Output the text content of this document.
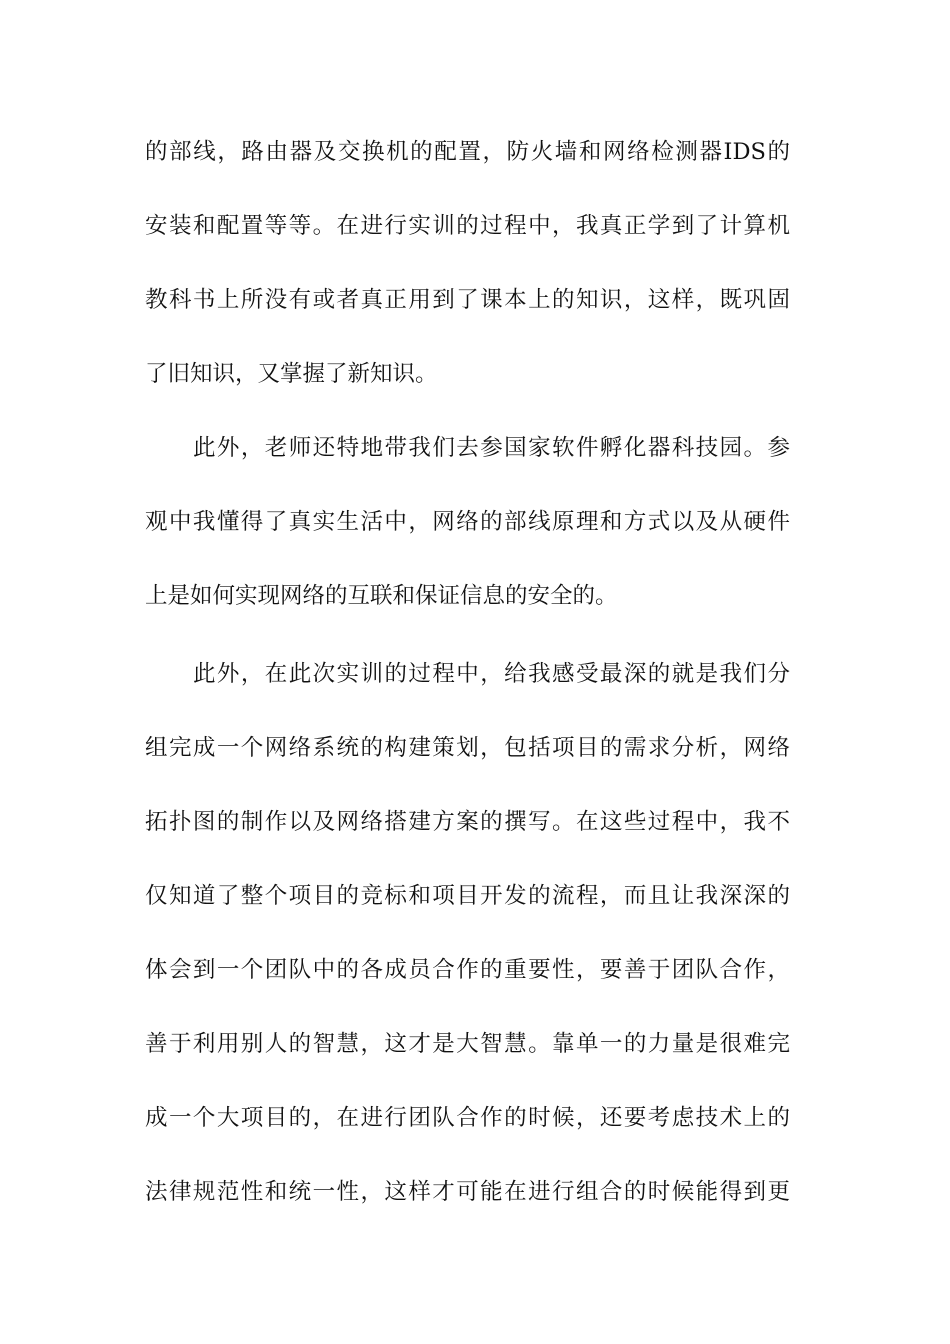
的部线，路由器及交换机的配置，防火墙和网络检测器IDS的
安装和配置等等。在进行实训的过程中，我真正学到了计算机
教科书上所没有或者真正用到了课本上的知识，这样，既巩固
了旧知识，又掌握了新知识。
此外，老师还特地带我们去参国家软件孵化器科技园。参
观中我懂得了真实生活中，网络的部线原理和方式以及从硬件
上是如何实现网络的互联和保证信息的安全的。
此外，在此次实训的过程中，给我感受最深的就是我们分
组完成一个网络系统的构建策划，包括项目的需求分析，网络
拓扑图的制作以及网络搭建方案的撰写。在这些过程中，我不
仅知道了整个项目的竞标和项目开发的流程，而且让我深深的
体会到一个团队中的各成员合作的重要性，要善于团队合作，
善于利用别人的智慧，这才是大智慧。靠单一的力量是很难完
成一个大项目的，在进行团队合作的时候，还要考虑技术上的
法律规范性和统一性，这样才可能在进行组合的时候能得到更
